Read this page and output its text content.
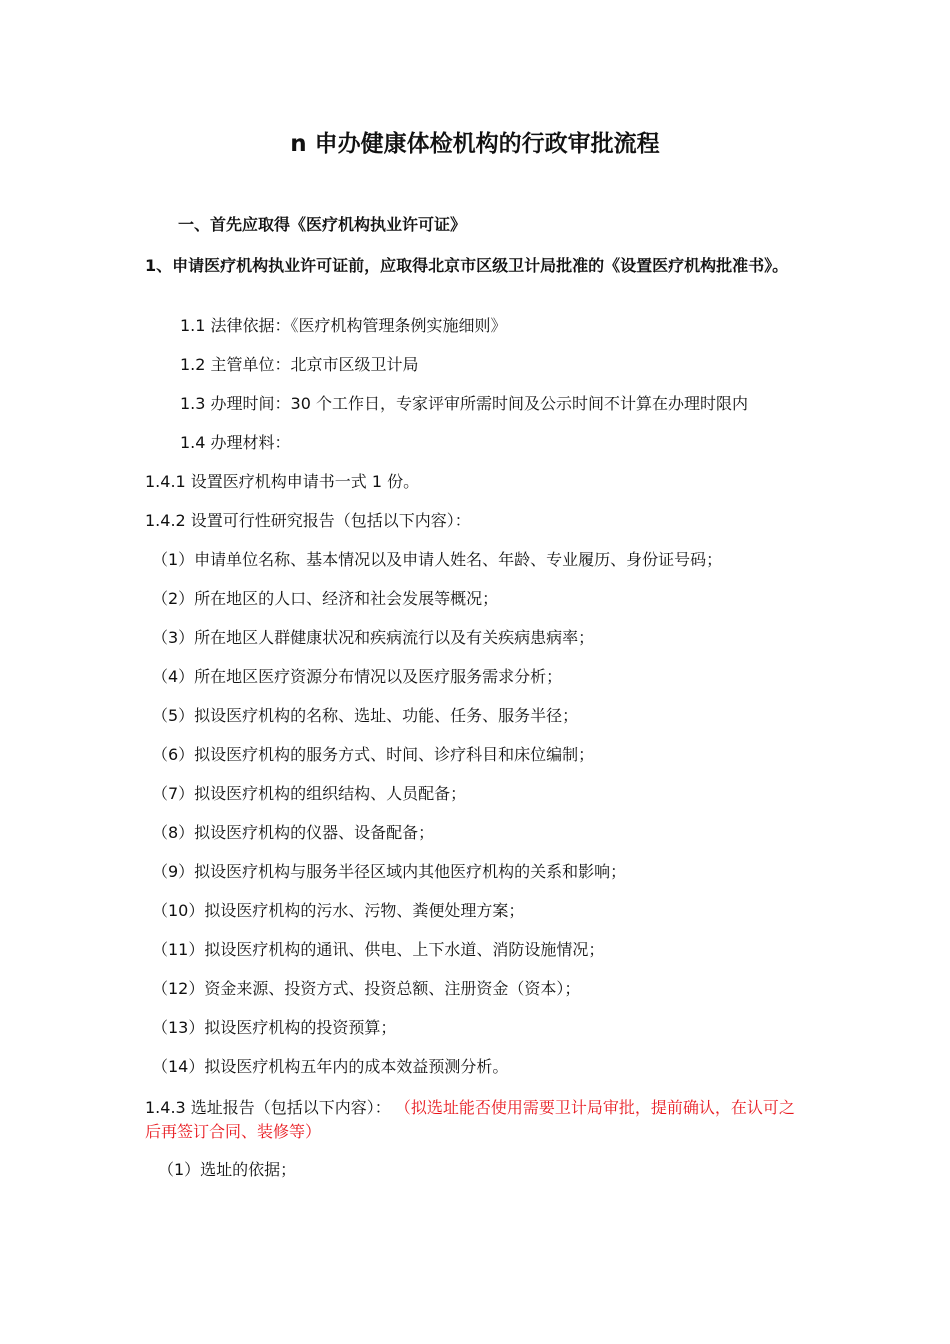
n 申办健康体检机构的行政审批流程
一、首先应取得《医疗机构执业许可证》
1、申请医疗机构执业许可证前，应取得北京市区级卫计局批准的《设置医疗机构批准书》。
1.1 法律依据：《医疗机构管理条例实施细则》
1.2 主管单位：北京市区级卫计局
1.3 办理时间：30 个工作日，专家评审所需时间及公示时间不计算在办理时限内
1.4 办理材料：
1.4.1 设置医疗机构申请书一式 1 份。
1.4.2 设置可行性研究报告（包括以下内容）：
（1）申请单位名称、基本情况以及申请人姓名、年龄、专业履历、身份证号码；
（2）所在地区的人口、经济和社会发展等概况；
（3）所在地区人群健康状况和疾病流行以及有关疾病患病率；
（4）所在地区医疗资源分布情况以及医疗服务需求分析；
（5）拟设医疗机构的名称、选址、功能、任务、服务半径；
（6）拟设医疗机构的服务方式、时间、诊疗科目和床位编制；
（7）拟设医疗机构的组织结构、人员配备；
（8）拟设医疗机构的仪器、设备配备；
（9）拟设医疗机构与服务半径区域内其他医疗机构的关系和影响；
（10）拟设医疗机构的污水、污物、粪便处理方案；
（11）拟设医疗机构的通讯、供电、上下水道、消防设施情况；
（12）资金来源、投资方式、投资总额、注册资金（资本）；
（13）拟设医疗机构的投资预算；
（14）拟设医疗机构五年内的成本效益预测分析。
1.4.3 选址报告（包括以下内容）： （拟选址能否使用需要卫计局审批，提前确认，在认可之后再签订合同、装修等）
（1）选址的依据；
